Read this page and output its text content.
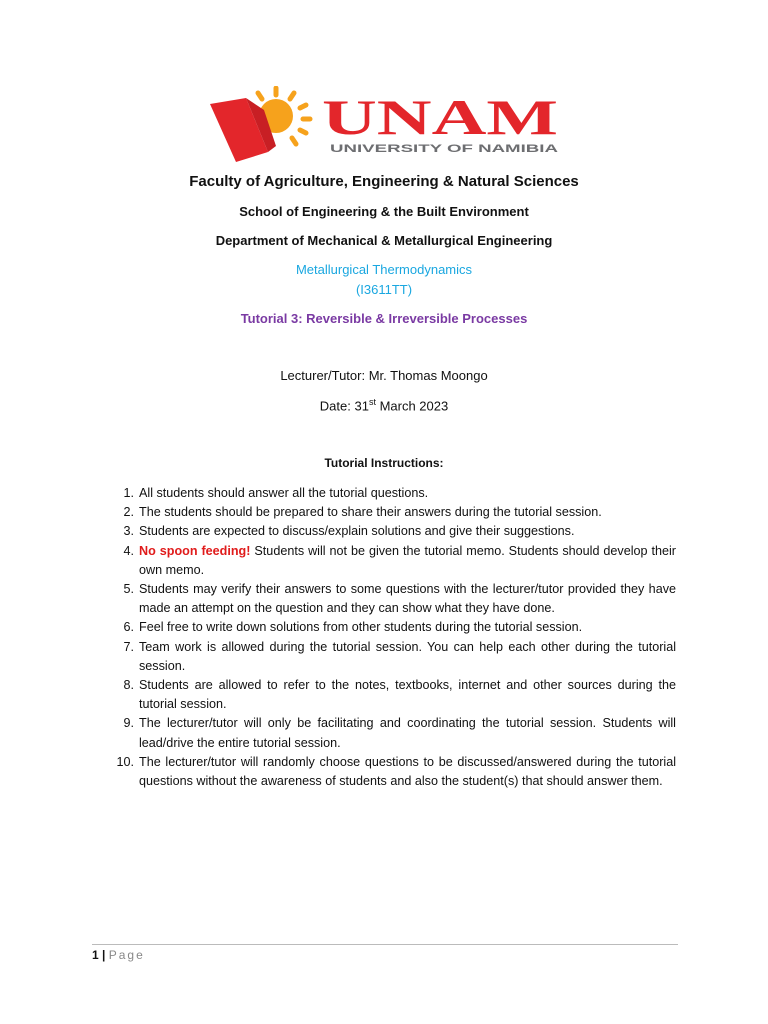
UNAM
UNIVERSITY OF NAMIBIA
Faculty of Agriculture, Engineering & Natural Sciences
School of Engineering & the Built Environment
Department of Mechanical & Metallurgical Engineering
Metallurgical Thermodynamics
(I3611TT)
Tutorial 3: Reversible & Irreversible Processes
Lecturer/Tutor: Mr. Thomas Moongo
Date: 31st March 2023
Tutorial Instructions:
1. All students should answer all the tutorial questions.
2. The students should be prepared to share their answers during the tutorial session.
3. Students are expected to discuss/explain solutions and give their suggestions.
4. No spoon feeding! Students will not be given the tutorial memo. Students should develop their own memo.
5. Students may verify their answers to some questions with the lecturer/tutor provided they have made an attempt on the question and they can show what they have done.
6. Feel free to write down solutions from other students during the tutorial session.
7. Team work is allowed during the tutorial session. You can help each other during the tutorial session.
8. Students are allowed to refer to the notes, textbooks, internet and other sources during the tutorial session.
9. The lecturer/tutor will only be facilitating and coordinating the tutorial session. Students will lead/drive the entire tutorial session.
10. The lecturer/tutor will randomly choose questions to be discussed/answered during the tutorial questions without the awareness of students and also the student(s) that should answer them.
1 | Page
